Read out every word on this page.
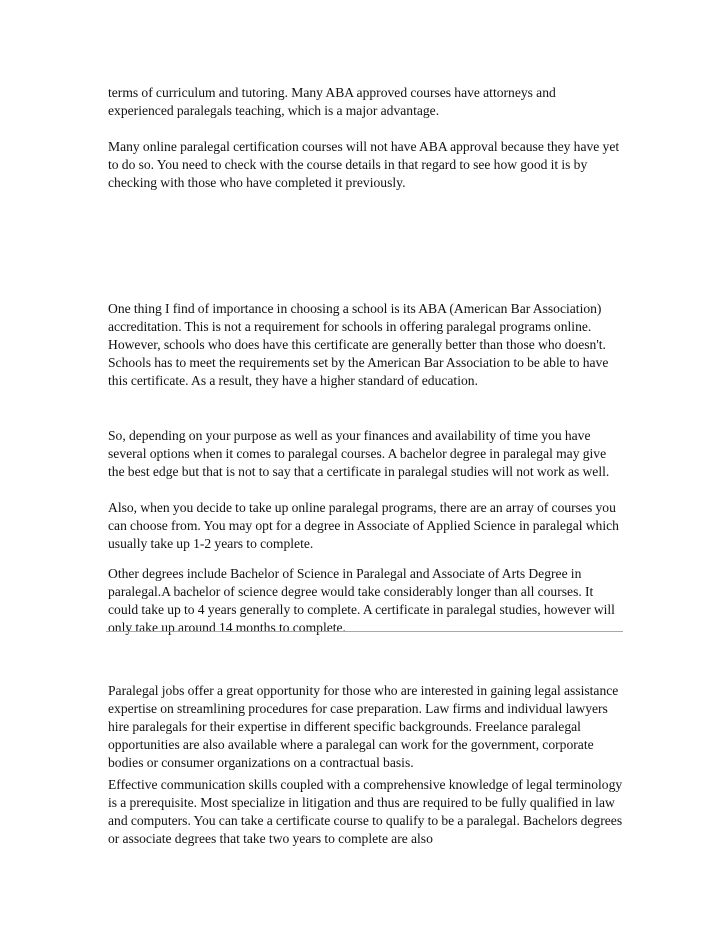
terms of curriculum and tutoring. Many ABA approved courses have attorneys and experienced paralegals teaching, which is a major advantage.

Many online paralegal certification courses will not have ABA approval because they have yet to do so. You need to check with the course details in that regard to see how good it is by checking with those who have completed it previously.

One thing I find of importance in choosing a school is its ABA (American Bar Association) accreditation. This is not a requirement for schools in offering paralegal programs online. However, schools who does have this certificate are generally better than those who doesn't. Schools has to meet the requirements set by the American Bar Association to be able to have this certificate. As a result, they have a higher standard of education.

So, depending on your purpose as well as your finances and availability of time you have several options when it comes to paralegal courses. A bachelor degree in paralegal may give the best edge but that is not to say that a certificate in paralegal studies will not work as well.

Also, when you decide to take up online paralegal programs, there are an array of courses you can choose from. You may opt for a degree in Associate of Applied Science in paralegal which usually take up 1-2 years to complete.

Other degrees include Bachelor of Science in Paralegal and Associate of Arts Degree in paralegal.A bachelor of science degree would take considerably longer than all courses. It could take up to 4 years generally to complete. A certificate in paralegal studies, however will only take up around 14 months to complete.

Paralegal jobs offer a great opportunity for those who are interested in gaining legal assistance expertise on streamlining procedures for case preparation. Law firms and individual lawyers hire paralegals for their expertise in different specific backgrounds. Freelance paralegal opportunities are also available where a paralegal can work for the government, corporate bodies or consumer organizations on a contractual basis.

Effective communication skills coupled with a comprehensive knowledge of legal terminology is a prerequisite. Most specialize in litigation and thus are required to be fully qualified in law and computers. You can take a certificate course to qualify to be a paralegal. Bachelors degrees or associate degrees that take two years to complete are also
